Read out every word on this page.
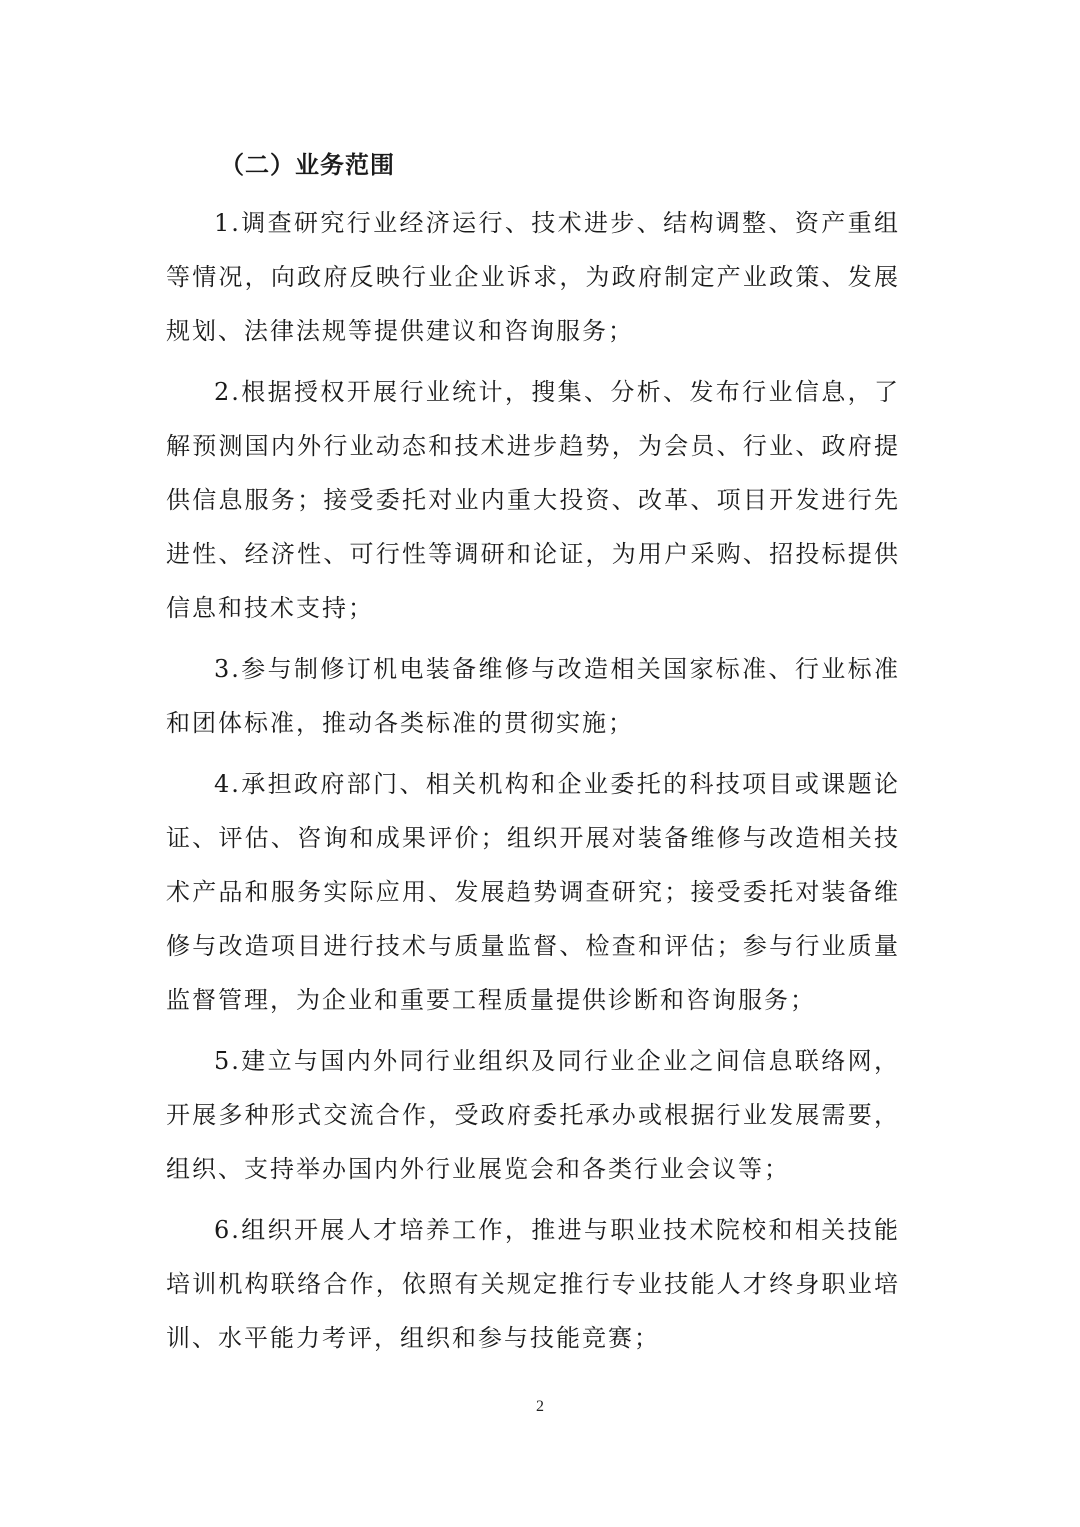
（二）业务范围

1.调查研究行业经济运行、技术进步、结构调整、资产重组等情况，向政府反映行业企业诉求，为政府制定产业政策、发展规划、法律法规等提供建议和咨询服务；

2.根据授权开展行业统计，搜集、分析、发布行业信息，了解预测国内外行业动态和技术进步趋势，为会员、行业、政府提供信息服务；接受委托对业内重大投资、改革、项目开发进行先进性、经济性、可行性等调研和论证，为用户采购、招投标提供信息和技术支持；

3.参与制修订机电装备维修与改造相关国家标准、行业标准和团体标准，推动各类标准的贯彻实施；

4.承担政府部门、相关机构和企业委托的科技项目或课题论证、评估、咨询和成果评价；组织开展对装备维修与改造相关技术产品和服务实际应用、发展趋势调查研究；接受委托对装备维修与改造项目进行技术与质量监督、检查和评估；参与行业质量监督管理，为企业和重要工程质量提供诊断和咨询服务；

5.建立与国内外同行业组织及同行业企业之间信息联络网，开展多种形式交流合作，受政府委托承办或根据行业发展需要，组织、支持举办国内外行业展览会和各类行业会议等；

6.组织开展人才培养工作，推进与职业技术院校和相关技能培训机构联络合作，依照有关规定推行专业技能人才终身职业培训、水平能力考评，组织和参与技能竞赛；

2
